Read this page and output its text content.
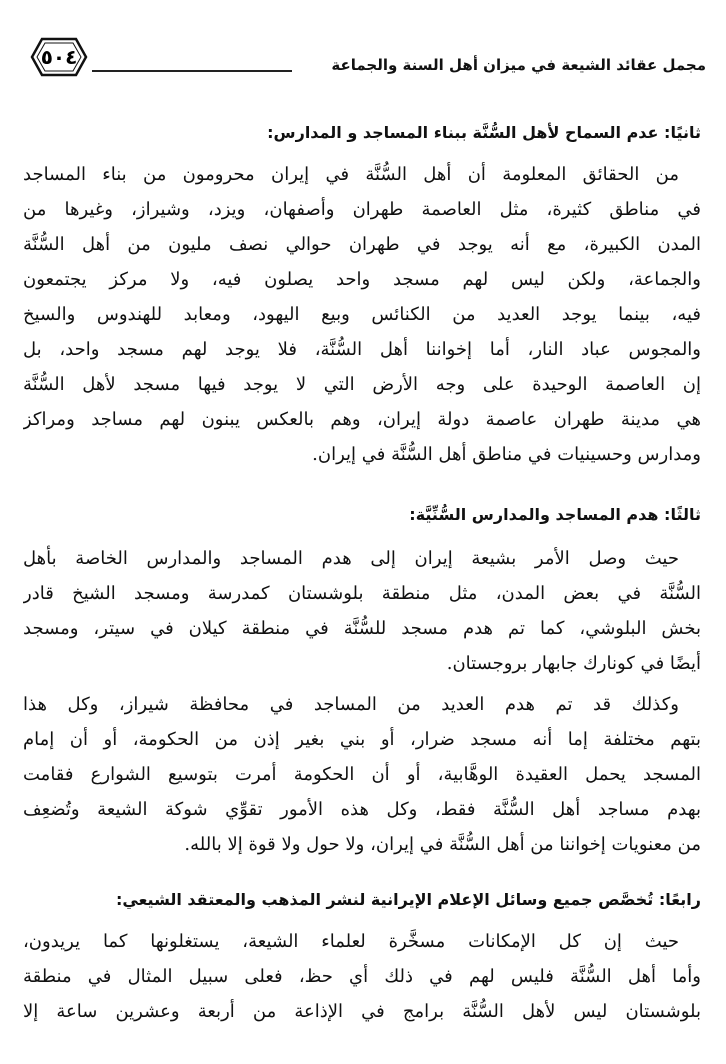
٥٠٤	مجمل عقائد الشيعة في ميزان أهل السنة والجماعة
ثانيًا: عدم السماح لأهل السُّنَّة ببناء المساجد و المدارس:
من الحقائق المعلومة أن أهل السُّنَّة في إيران محرومون من بناء المساجد
في مناطق كثيرة، مثل العاصمة طهران وأصفهان، ويزد، وشيراز، وغيرها من
المدن الكبيرة، مع أنه يوجد في طهران حوالي نصف مليون من أهل السُّنَّة
والجماعة، ولكن ليس لهم مسجد واحد يصلون فيه، ولا مركز يجتمعون
فيه، بينما يوجد العديد من الكنائس وبيع اليهود، ومعابد للهندوس والسيخ
والمجوس عباد النار، أما إخواننا أهل السُّنَّة، فلا يوجد لهم مسجد واحد، بل
إن العاصمة الوحيدة على وجه الأرض التي لا يوجد فيها مسجد لأهل السُّنَّة
هي مدينة طهران عاصمة دولة إيران، وهم بالعكس يبنون لهم مساجد ومراكز
ومدارس وحسينيات في مناطق أهل السُّنَّة في إيران.
ثالثًا: هدم المساجد والمدارس السُّنِّيَّة:
حيث وصل الأمر بشيعة إيران إلى هدم المساجد والمدارس الخاصة بأهل
السُّنَّة في بعض المدن، مثل منطقة بلوشستان كمدرسة ومسجد الشيخ قادر
بخش البلوشي، كما تم هدم مسجد للسُّنَّة في منطقة كيلان في سيتر، ومسجد
أيضًا في كونارك جابهار بروجستان.
وكذلك قد تم هدم العديد من المساجد في محافظة شيراز، وكل هذا
بتهم مختلفة إما أنه مسجد ضرار، أو بني بغير إذن من الحكومة، أو أن إمام
المسجد يحمل العقيدة الوهَّابية، أو أن الحكومة أمرت بتوسيع الشوارع فقامت
بهدم مساجد أهل السُّنَّة فقط، وكل هذه الأمور تقوِّي شوكة الشيعة وتُضعِف
من معنويات إخواننا من أهل السُّنَّة في إيران، ولا حول ولا قوة إلا بالله.
رابعًا: تُخصَّص جميع وسائل الإعلام الإيرانية لنشر المذهب والمعتقد الشيعي:
حيث إن كل الإمكانات مسخَّرة لعلماء الشيعة، يستغلونها كما يريدون،
وأما أهل السُّنَّة فليس لهم في ذلك أي حظ، فعلى سبيل المثال في منطقة
بلوشستان ليس لأهل السُّنَّة برامج في الإذاعة من أربعة وعشرين ساعة إلا
